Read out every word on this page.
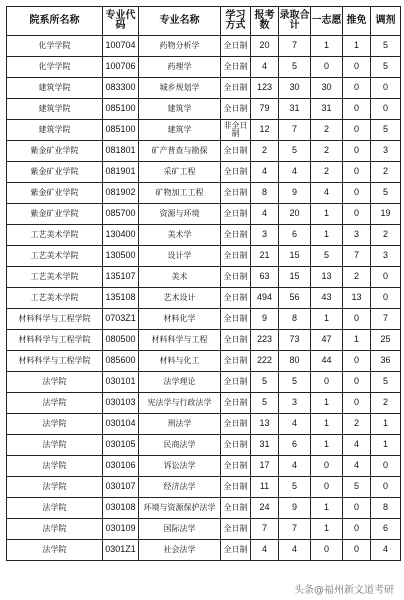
院系所名称	专业代码	专业名称	学习方式	报考数	录取合计	一志愿	推免	调剂
化学学院	100704	药物分析学	全日制	20	7	1	1	5
化学学院	100706	药理学	全日制	4	5	0	0	5
建筑学院	083300	城乡规划学	全日制	123	30	30	0	0
建筑学院	085100	建筑学	全日制	79	31	31	0	0
建筑学院	085100	建筑学	非全日制	12	7	2	0	5
紫金矿业学院	081801	矿产普查与勘探	全日制	2	5	2	0	3
紫金矿业学院	081901	采矿工程	全日制	4	4	2	0	2
紫金矿业学院	081902	矿物加工工程	全日制	8	9	4	0	5
紫金矿业学院	085700	资源与环境	全日制	4	20	1	0	19
工艺美术学院	130400	美术学	全日制	3	6	1	3	2
工艺美术学院	130500	设计学	全日制	21	15	5	7	3
工艺美术学院	135107	美术	全日制	63	15	13	2	0
工艺美术学院	135108	艺术设计	全日制	494	56	43	13	0
材料科学与工程学院	0703Z1	材料化学	全日制	9	8	1	0	7
材料科学与工程学院	080500	材料科学与工程	全日制	223	73	47	1	25
材料科学与工程学院	085600	材料与化工	全日制	222	80	44	0	36
法学院	030101	法学理论	全日制	5	5	0	0	5
法学院	030103	宪法学与行政法学	全日制	5	3	1	0	2
法学院	030104	刑法学	全日制	13	4	1	2	1
法学院	030105	民商法学	全日制	31	6	1	4	1
法学院	030106	诉讼法学	全日制	17	4	0	4	0
法学院	030107	经济法学	全日制	11	5	0	5	0
法学院	030108	环境与资源保护法学	全日制	24	9	1	0	8
法学院	030109	国际法学	全日制	7	7	1	0	6
法学院	0301Z1	社会法学	全日制	4	4	0	0	4
头条@福州新文道考研
